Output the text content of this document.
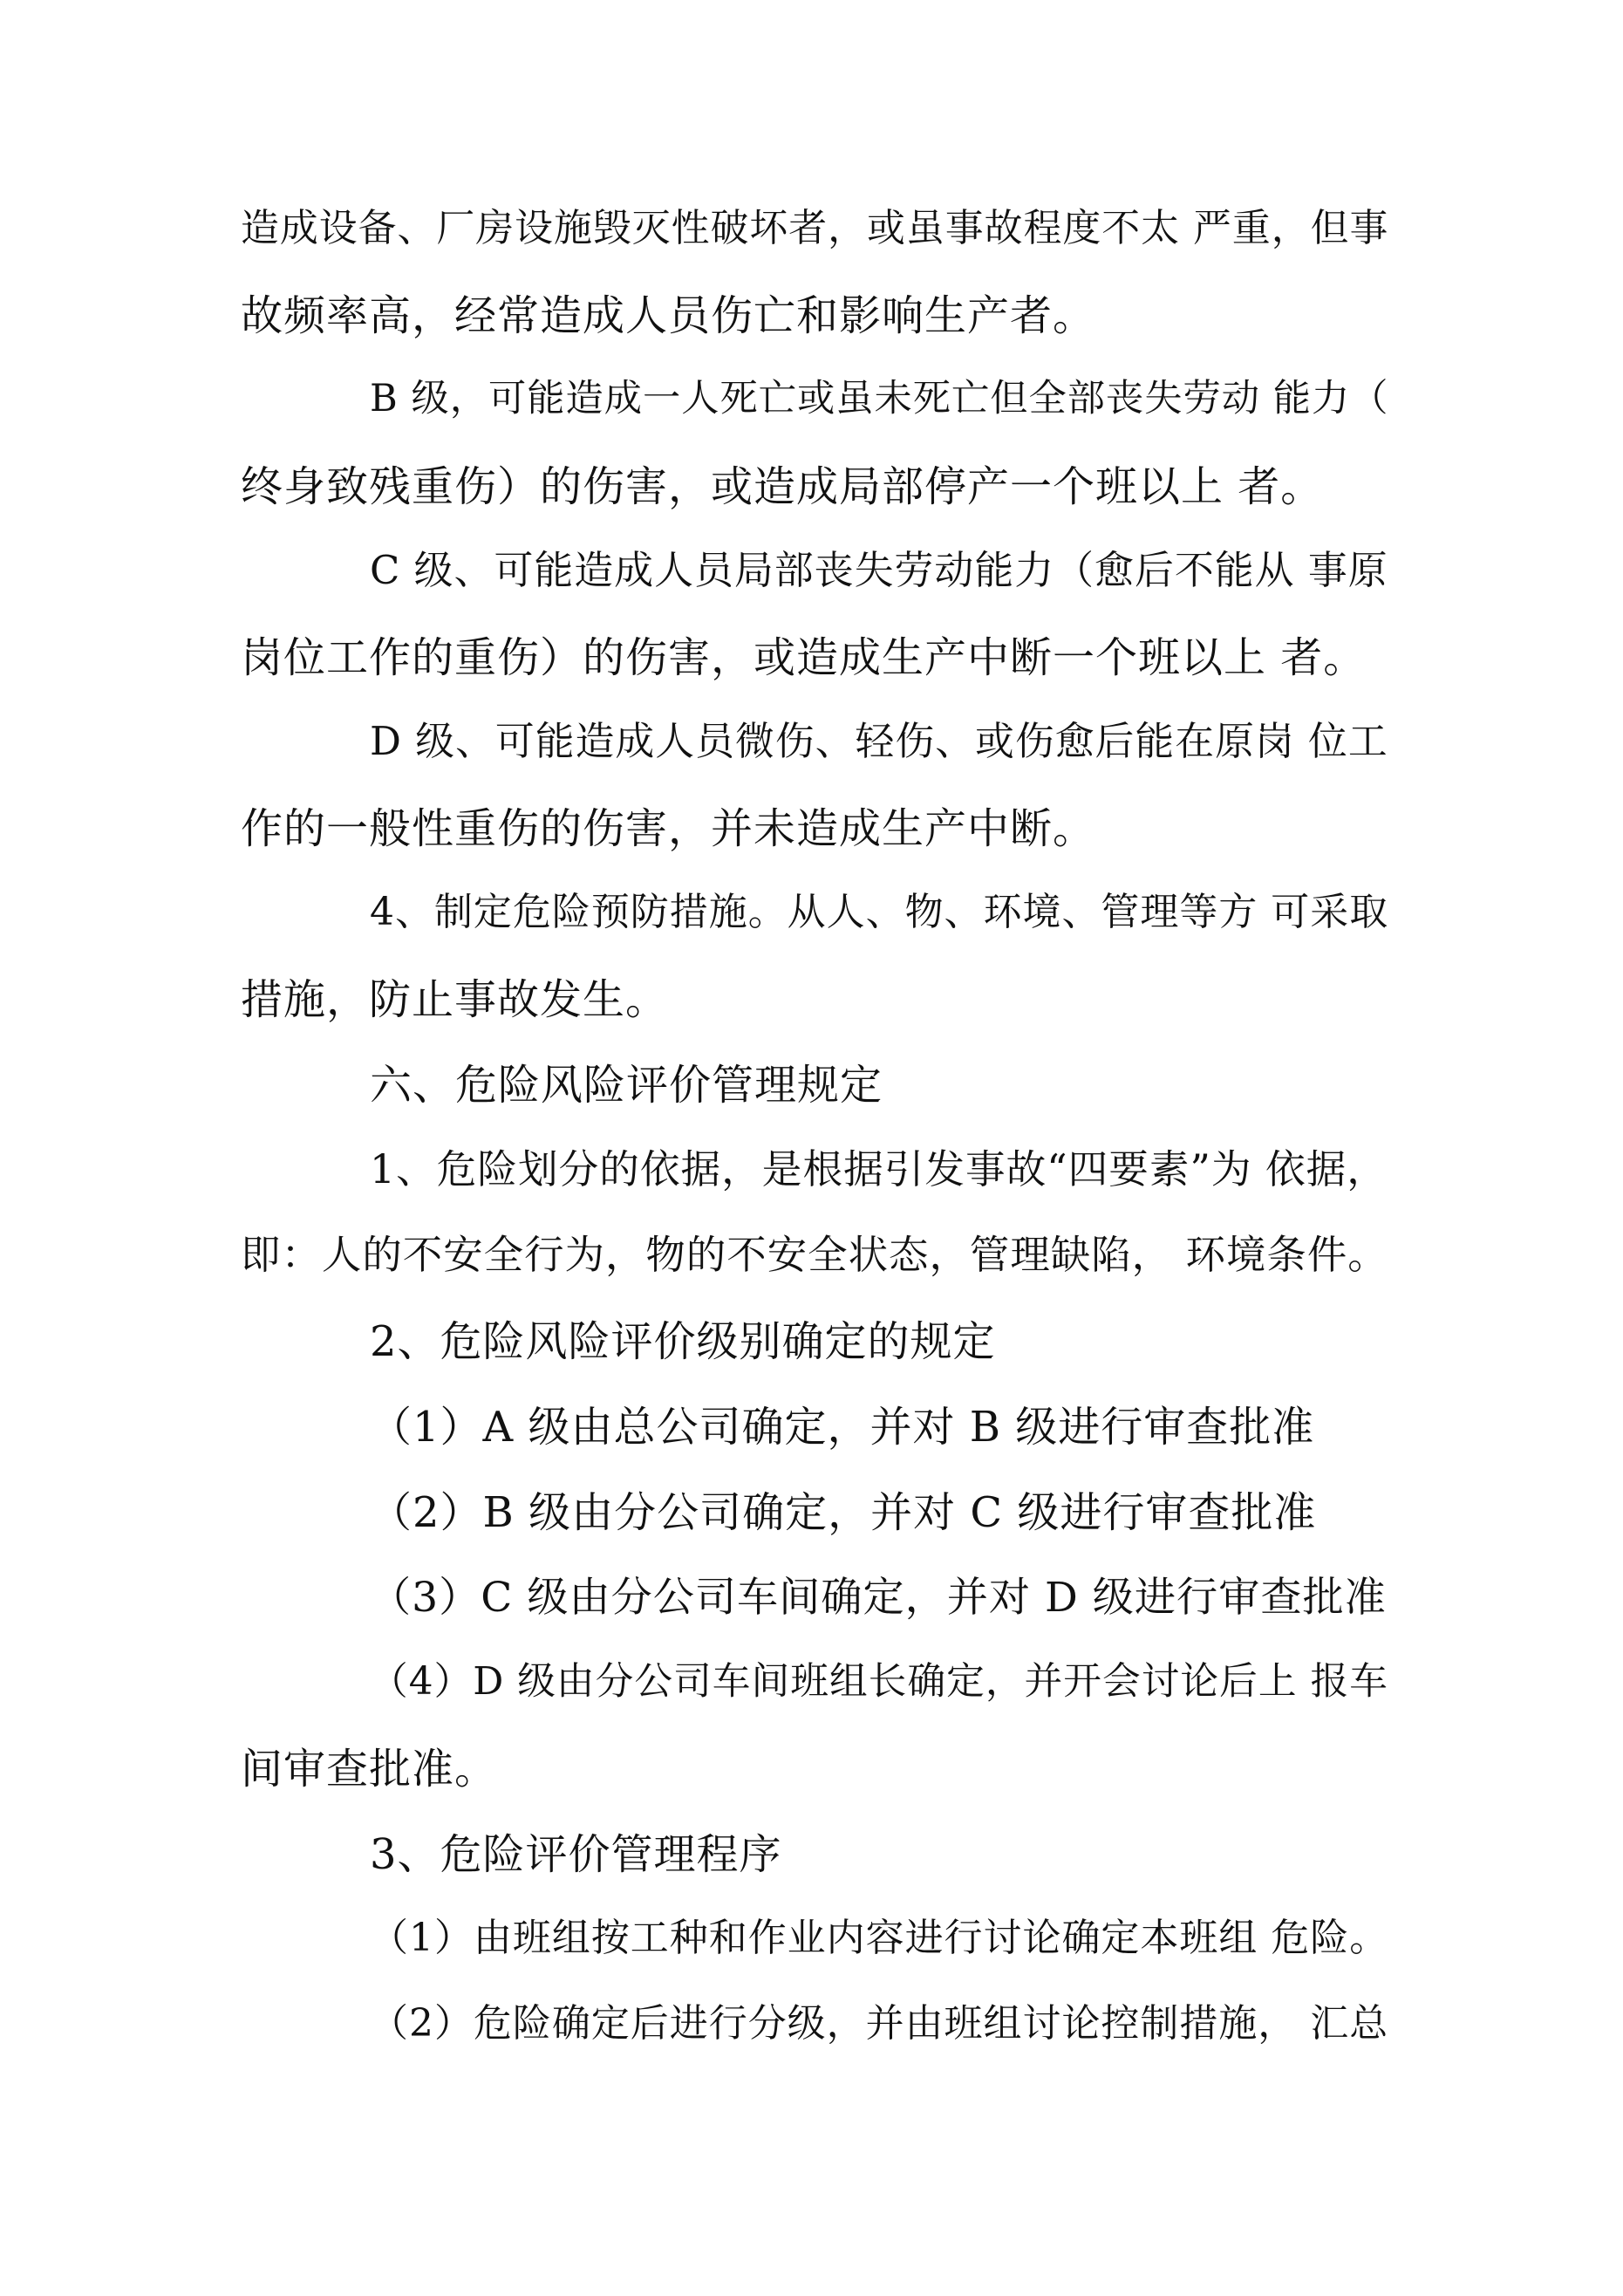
造成设备、厂房设施毁灭性破坏者，或虽事故程度不太 严重，但事

故频率高，经常造成人员伤亡和影响生产者。

B 级，可能造成一人死亡或虽未死亡但全部丧失劳动 能力（

终身致残重伤）的伤害，或造成局部停产一个班以上 者。

C 级、可能造成人员局部丧失劳动能力（愈后不能从 事原

岗位工作的重伤）的伤害，或造成生产中断一个班以上 者。

D 级、可能造成人员微伤、轻伤、或伤愈后能在原岗 位工

作的一般性重伤的伤害，并未造成生产中断。

4、制定危险预防措施。从人、物、环境、管理等方 可采取

措施，防止事故发生。

六、危险风险评价管理规定

1、危险划分的依据，是根据引发事故“四要素”为 依据，

即：人的不安全行为，物的不安全状态，管理缺陷， 环境条件。

2、危险风险评价级别确定的规定

（1）A 级由总公司确定，并对 B 级进行审查批准

（2）B 级由分公司确定，并对 C 级进行审查批准

（3）C 级由分公司车间确定，并对 D 级进行审查批准

（4）D 级由分公司车间班组长确定，并开会讨论后上 报车

间审查批准。

3、危险评价管理程序

（1）由班组按工种和作业内容进行讨论确定本班组 危险。

（2）危险确定后进行分级，并由班组讨论控制措施， 汇总
